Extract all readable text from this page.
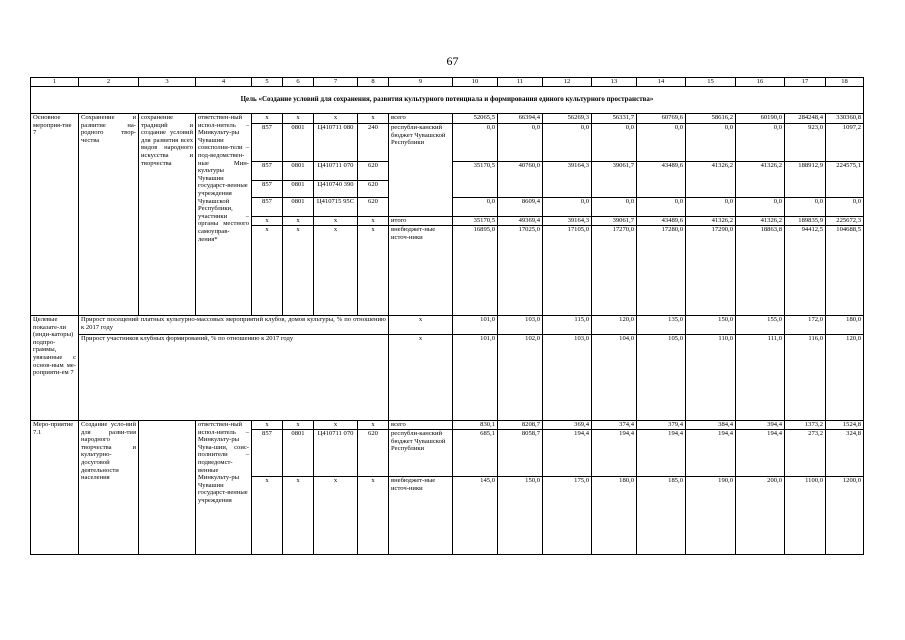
67
1	2	3	4	5	6	7	8	9	10	11	12	13	14	15	16	17	18
Цель «Создание условий для сохранения, развития культурного потенциала и формирования единого культурного пространства»																	
Основное мероприя-тие 7	Сохранение и развитие на-родного твор-чества	сохранение традиций и создание условий для развития всех видов народного искусства и творчества	ответствен-ный испол-нитель – Минкульту-ры Чувашии соисполни-тели – под-ведомствен-ные Мин-культуры Чувашии государст-венные учреждения Чувашской Республики, участники – органы местного самоуправ-ления*	x	x	x	x	всего	52065,5	66394,4	56269,3	56331,7	60769,6	58616,2	60190,0	284248,4	330360,8
				857	0801	Ц410711 080	240	республи-канский бюджет Чувашской Республики	0,0	0,0	0,0	0,0	0,0	0,0	0,0	923,0	1097,2
				857	0801	Ц410711 070	620		35170,5	40760,0	39164,3	39061,7	43489,6	41326,2	41326,2	188912,9	224575,1
				857	0801	Ц410740 390	620										
				857	0801	Ц410715 95С	620		0,0	8609,4	0,0	0,0	0,0	0,0	0,0	0,0	0,0
				x	x	x	x	итого	35170,5	49369,4	39164,3	39061,7	43489,6	41326,2	41326,2	189835,9	225672,3
				x	x	x	x	внебюджет-ные источ-ники	16895,0	17025,0	17105,0	17270,0	17280,0	17290,0	18863,8	94412,5	104688,5
Целевые показате-ли (инди-каторы) подпро-граммы, увязанные с основ-ным ме-роприяти-ем 7	Прирост посещений платных культурно-массовых мероприятий клубов, домов культуры, % по отношению к 2017 году							x	101,0	103,0	115,0	120,0	135,0	150,0	155,0	172,0	180,0
	Прирост участников клубных формирований, % по отношению к 2017 году							x	101,0	102,0	103,0	104,0	105,0	110,0	111,0	116,0	120,0
Меро-приятие 7.1	Создание усло-вий для разви-тия народного творчества и культурно-досуговой деятельности населения		ответствен-ный испол-нитель – Минкульту-ры Чува-шии, соис-полнители – подведомст-венные Минкульту-ры Чувашии государст-венные учреждения	x	x	x	x	всего	830,1	8208,7	369,4	374,4	379,4	384,4	394,4	1373,2	1524,8
				857	0801	Ц410711 070	620	республи-канский бюджет Чувашской Республики	685,1	8058,7	194,4	194,4	194,4	194,4	194,4	273,2	324,8
				x	x	x	x	внебюджет-ные источ-ники	145,0	150,0	175,0	180,0	185,0	190,0	200,0	1100,0	1200,0
